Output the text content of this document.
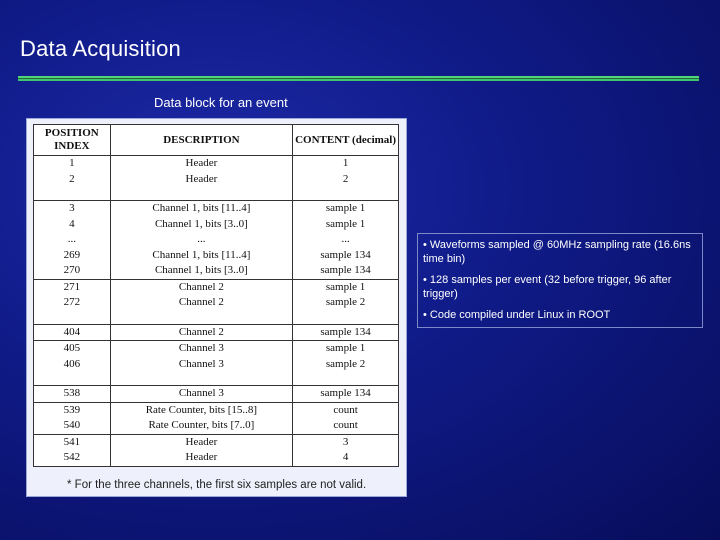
Data Acquisition
Data block for an event
POSITION INDEX	DESCRIPTION	CONTENT (decimal)
1	Header	1
2	Header	2

3	Channel 1, bits [11..4]	sample 1
4	Channel 1, bits [3..0]	sample 1
...	...	...
269	Channel 1, bits [11..4]	sample 134
270	Channel 1, bits [3..0]	sample 134
271	Channel 2	sample 1
272	Channel 2	sample 2

404	Channel 2	sample 134
405	Channel 3	sample 1
406	Channel 3	sample 2

538	Channel 3	sample 134
539	Rate Counter, bits [15..8]	count
540	Rate Counter, bits [7..0]	count
541	Header	3
542	Header	4
* For the three channels, the first six samples are not valid.

• Waveforms sampled @ 60MHz sampling rate (16.6ns time bin)

• 128 samples per event (32 before trigger, 96 after trigger)

• Code compiled under Linux in ROOT
